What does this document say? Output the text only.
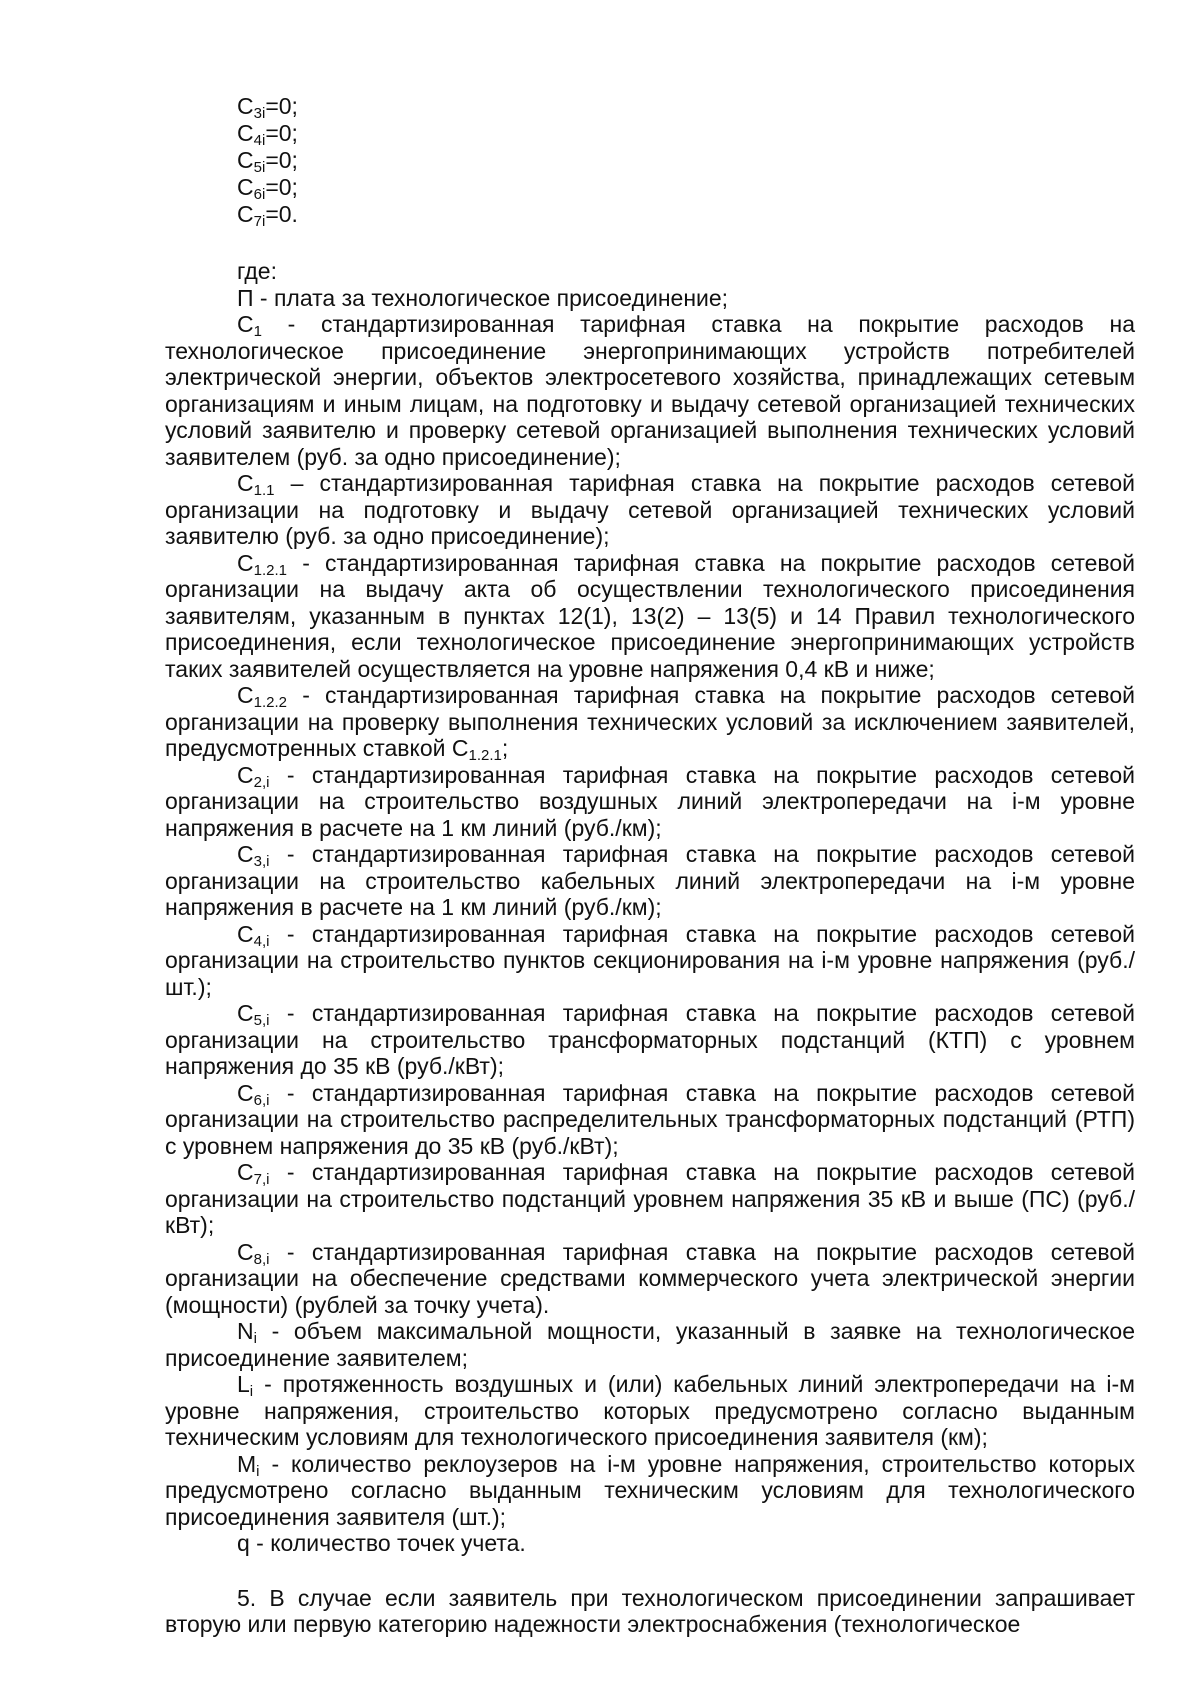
$C_{3i}=0$;
$C_{4i}=0$;
$C_{5i}=0$;
$C_{6i}=0$;
$C_{7i}=0$.

где:

П - плата за технологическое присоединение;

$C_1$ - стандартизированная тарифная ставка на покрытие расходов на технологическое присоединение энергопринимающих устройств потребителей электрической энергии, объектов электросетевого хозяйства, принадлежащих сетевым организациям и иным лицам, на подготовку и выдачу сетевой организацией технических условий заявителю и проверку сетевой организацией выполнения технических условий заявителем (руб. за одно присоединение);

$C_{1.1}$ – стандартизированная тарифная ставка на покрытие расходов сетевой организации на подготовку и выдачу сетевой организацией технических условий заявителю (руб. за одно присоединение);

$C_{1.2.1}$ - стандартизированная тарифная ставка на покрытие расходов сетевой организации на выдачу акта об осуществлении технологического присоединения заявителям, указанным в пунктах 12(1), 13(2) – 13(5) и 14 Правил технологического присоединения, если технологическое присоединение энергопринимающих устройств таких заявителей осуществляется на уровне напряжения 0,4 кВ и ниже;

$C_{1.2.2}$ - стандартизированная тарифная ставка на покрытие расходов сетевой организации на проверку выполнения технических условий за исключением заявителей, предусмотренных ставкой $C_{1.2.1}$;

$C_{2,i}$ - стандартизированная тарифная ставка на покрытие расходов сетевой организации на строительство воздушных линий электропередачи на i-м уровне напряжения в расчете на 1 км линий (руб./км);

$C_{3,i}$ - стандартизированная тарифная ставка на покрытие расходов сетевой организации на строительство кабельных линий электропередачи на i-м уровне напряжения в расчете на 1 км линий (руб./км);

$C_{4,i}$ - стандартизированная тарифная ставка на покрытие расходов сетевой организации на строительство пунктов секционирования на i-м уровне напряжения (руб./шт.);

$C_{5,i}$ - стандартизированная тарифная ставка на покрытие расходов сетевой организации на строительство трансформаторных подстанций (КТП) с уровнем напряжения до 35 кВ (руб./кВт);

$C_{6,i}$ - стандартизированная тарифная ставка на покрытие расходов сетевой организации на строительство распределительных трансформаторных подстанций (РТП) с уровнем напряжения до 35 кВ (руб./кВт);

$C_{7,i}$ - стандартизированная тарифная ставка на покрытие расходов сетевой организации на строительство подстанций уровнем напряжения 35 кВ и выше (ПС) (руб./кВт);

$C_{8,i}$ - стандартизированная тарифная ставка на покрытие расходов сетевой организации на обеспечение средствами коммерческого учета электрической энергии (мощности) (рублей за точку учета).

$N_i$ - объем максимальной мощности, указанный в заявке на технологическое присоединение заявителем;

$L_i$ - протяженность воздушных и (или) кабельных линий электропередачи на i-м уровне напряжения, строительство которых предусмотрено согласно выданным техническим условиям для технологического присоединения заявителя (км);

$M_i$ - количество реклоузеров на i-м уровне напряжения, строительство которых предусмотрено согласно выданным техническим условиям для технологического присоединения заявителя (шт.);

q - количество точек учета.

5. В случае если заявитель при технологическом присоединении запрашивает вторую или первую категорию надежности электроснабжения (технологическое
